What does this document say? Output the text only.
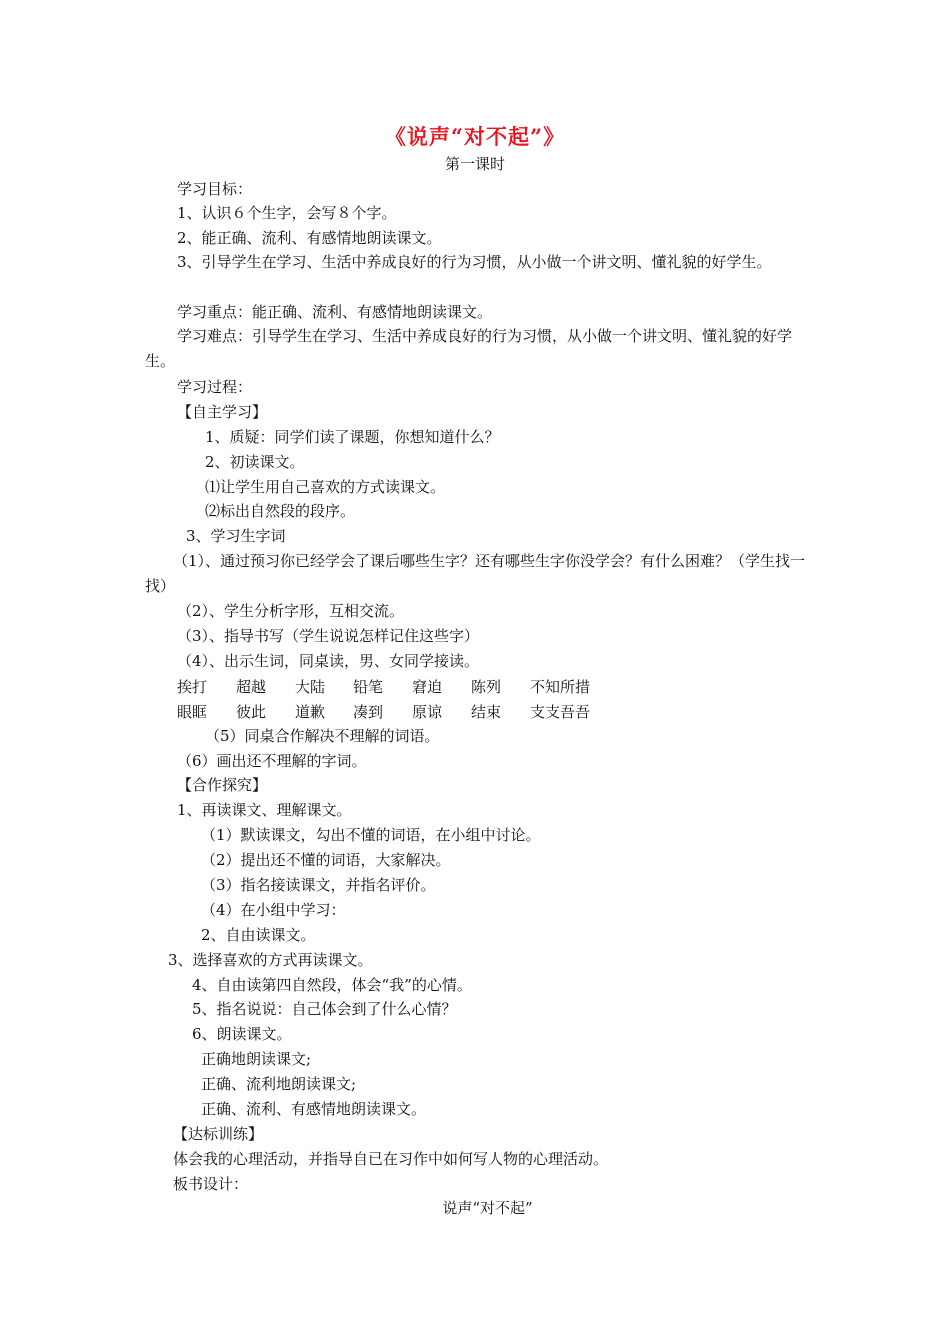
《说声“对不起”》
第一课时
学习目标：
1、认识６个生字，会写８个字。
2、能正确、流利、有感情地朗读课文。
3、引导学生在学习、生活中养成良好的行为习惯，从小做一个讲文明、懂礼貌的好学生。
学习重点：能正确、流利、有感情地朗读课文。
学习难点：引导学生在学习、生活中养成良好的行为习惯，从小做一个讲文明、懂礼貌的好学生。
学习过程：
【自主学习】
1、质疑：同学们读了课题，你想知道什么？
2、初读课文。
⑴让学生用自己喜欢的方式读课文。
⑵标出自然段的段序。
3、学习生字词
（1）、通过预习你已经学会了课后哪些生字？还有哪些生字你没学会？有什么困难？（学生找一找）
（2）、学生分析字形，互相交流。
（3）、指导书写（学生说说怎样记住这些字）
（4）、出示生词，同桌读，男、女同学接读。
挨打 超越 大陆 铅笔 窘迫 陈列 不知所措
眼眶 彼此 道歉 凑到 原谅 结束 支支吾吾
（5）同桌合作解决不理解的词语。
（6）画出还不理解的字词。
【合作探究】
1、再读课文、理解课文。
（1）默读课文，勾出不懂的词语，在小组中讨论。
（2）提出还不懂的词语，大家解决。
（3）指名接读课文，并指名评价。
（4）在小组中学习：
2、自由读课文。
3、选择喜欢的方式再读课文。
4、自由读第四自然段，体会“我”的心情。
5、指名说说：自己体会到了什么心情？
6、朗读课文。
正确地朗读课文;
正确、流利地朗读课文;
正确、流利、有感情地朗读课文。
【达标训练】
体会我的心理活动，并指导自已在习作中如何写人物的心理活动。
板书设计：
说声“对不起”
